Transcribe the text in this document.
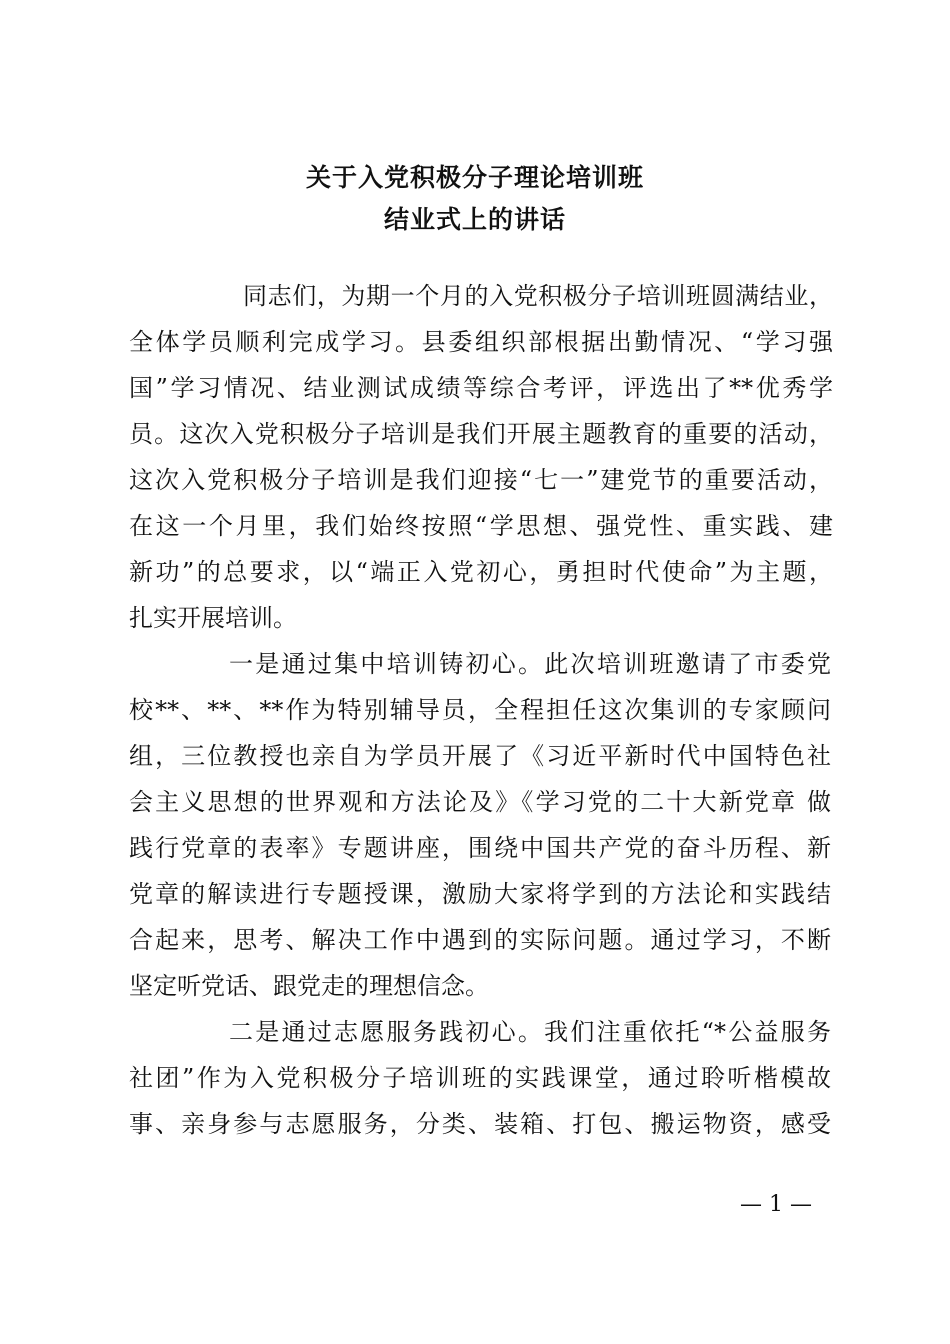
关于入党积极分子理论培训班
结业式上的讲话
同志们，为期一个月的入党积极分子培训班圆满结业，
全体学员顺利完成学习。县委组织部根据出勤情况、“学习强
国”学习情况、结业测试成绩等综合考评，评选出了**优秀学
员。这次入党积极分子培训是我们开展主题教育的重要的活动，
这次入党积极分子培训是我们迎接“七一”建党节的重要活动，
在这一个月里，我们始终按照“学思想、强党性、重实践、建
新功”的总要求，以“端正入党初心，勇担时代使命”为主题，
扎实开展培训。
一是通过集中培训铸初心。此次培训班邀请了市委党
校**、**、**作为特别辅导员，全程担任这次集训的专家顾问
组，三位教授也亲自为学员开展了《习近平新时代中国特色社
会主义思想的世界观和方法论及》《学习党的二十大新党章 做
践行党章的表率》专题讲座，围绕中国共产党的奋斗历程、新
党章的解读进行专题授课，激励大家将学到的方法论和实践结
合起来，思考、解决工作中遇到的实际问题。通过学习，不断
坚定听党话、跟党走的理想信念。
二是通过志愿服务践初心。我们注重依托“*公益服务
社团”作为入党积极分子培训班的实践课堂，通过聆听楷模故
事、亲身参与志愿服务，分类、装箱、打包、搬运物资，感受
— 1 —
